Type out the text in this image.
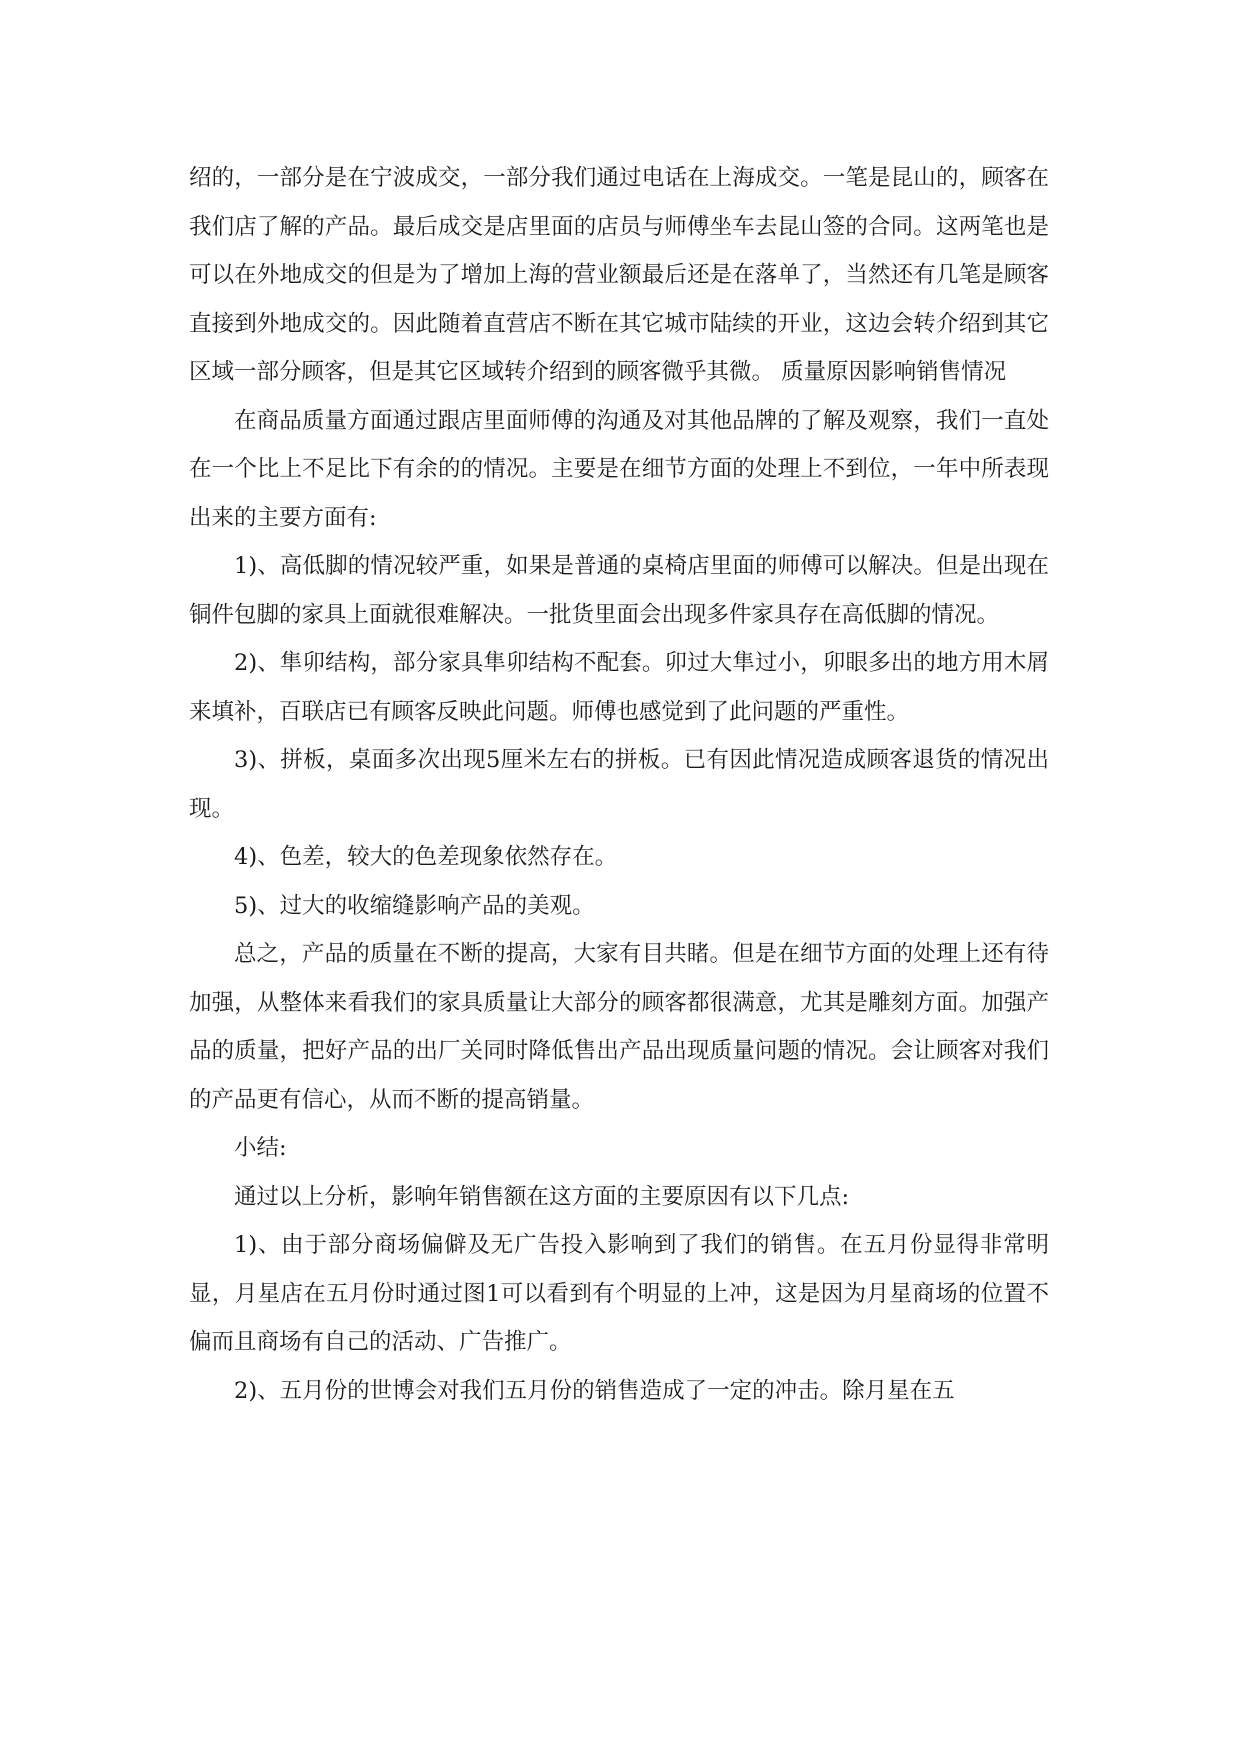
绍的，一部分是在宁波成交，一部分我们通过电话在上海成交。一笔是昆山的，顾客在我们店了解的产品。最后成交是店里面的店员与师傅坐车去昆山签的合同。这两笔也是可以在外地成交的但是为了增加上海的营业额最后还是在落单了，当然还有几笔是顾客直接到外地成交的。因此随着直营店不断在其它城市陆续的开业，这边会转介绍到其它区域一部分顾客，但是其它区域转介绍到的顾客微乎其微。 质量原因影响销售情况

在商品质量方面通过跟店里面师傅的沟通及对其他品牌的了解及观察，我们一直处在一个比上不足比下有余的的情况。主要是在细节方面的处理上不到位，一年中所表现出来的主要方面有:

1)、高低脚的情况较严重，如果是普通的桌椅店里面的师傅可以解决。但是出现在铜件包脚的家具上面就很难解决。一批货里面会出现多件家具存在高低脚的情况。

2)、隼卯结构，部分家具隼卯结构不配套。卯过大隼过小，卯眼多出的地方用木屑来填补，百联店已有顾客反映此问题。师傅也感觉到了此问题的严重性。

3)、拼板，桌面多次出现5厘米左右的拼板。已有因此情况造成顾客退货的情况出现。

4)、色差，较大的色差现象依然存在。

5)、过大的收缩缝影响产品的美观。

总之，产品的质量在不断的提高，大家有目共睹。但是在细节方面的处理上还有待加强，从整体来看我们的家具质量让大部分的顾客都很满意，尤其是雕刻方面。加强产品的质量，把好产品的出厂关同时降低售出产品出现质量问题的情况。会让顾客对我们的产品更有信心，从而不断的提高销量。

小结:

通过以上分析，影响年销售额在这方面的主要原因有以下几点:

1)、由于部分商场偏僻及无广告投入影响到了我们的销售。在五月份显得非常明显，月星店在五月份时通过图1可以看到有个明显的上冲，这是因为月星商场的位置不偏而且商场有自己的活动、广告推广。

2)、五月份的世博会对我们五月份的销售造成了一定的冲击。除月星在五
